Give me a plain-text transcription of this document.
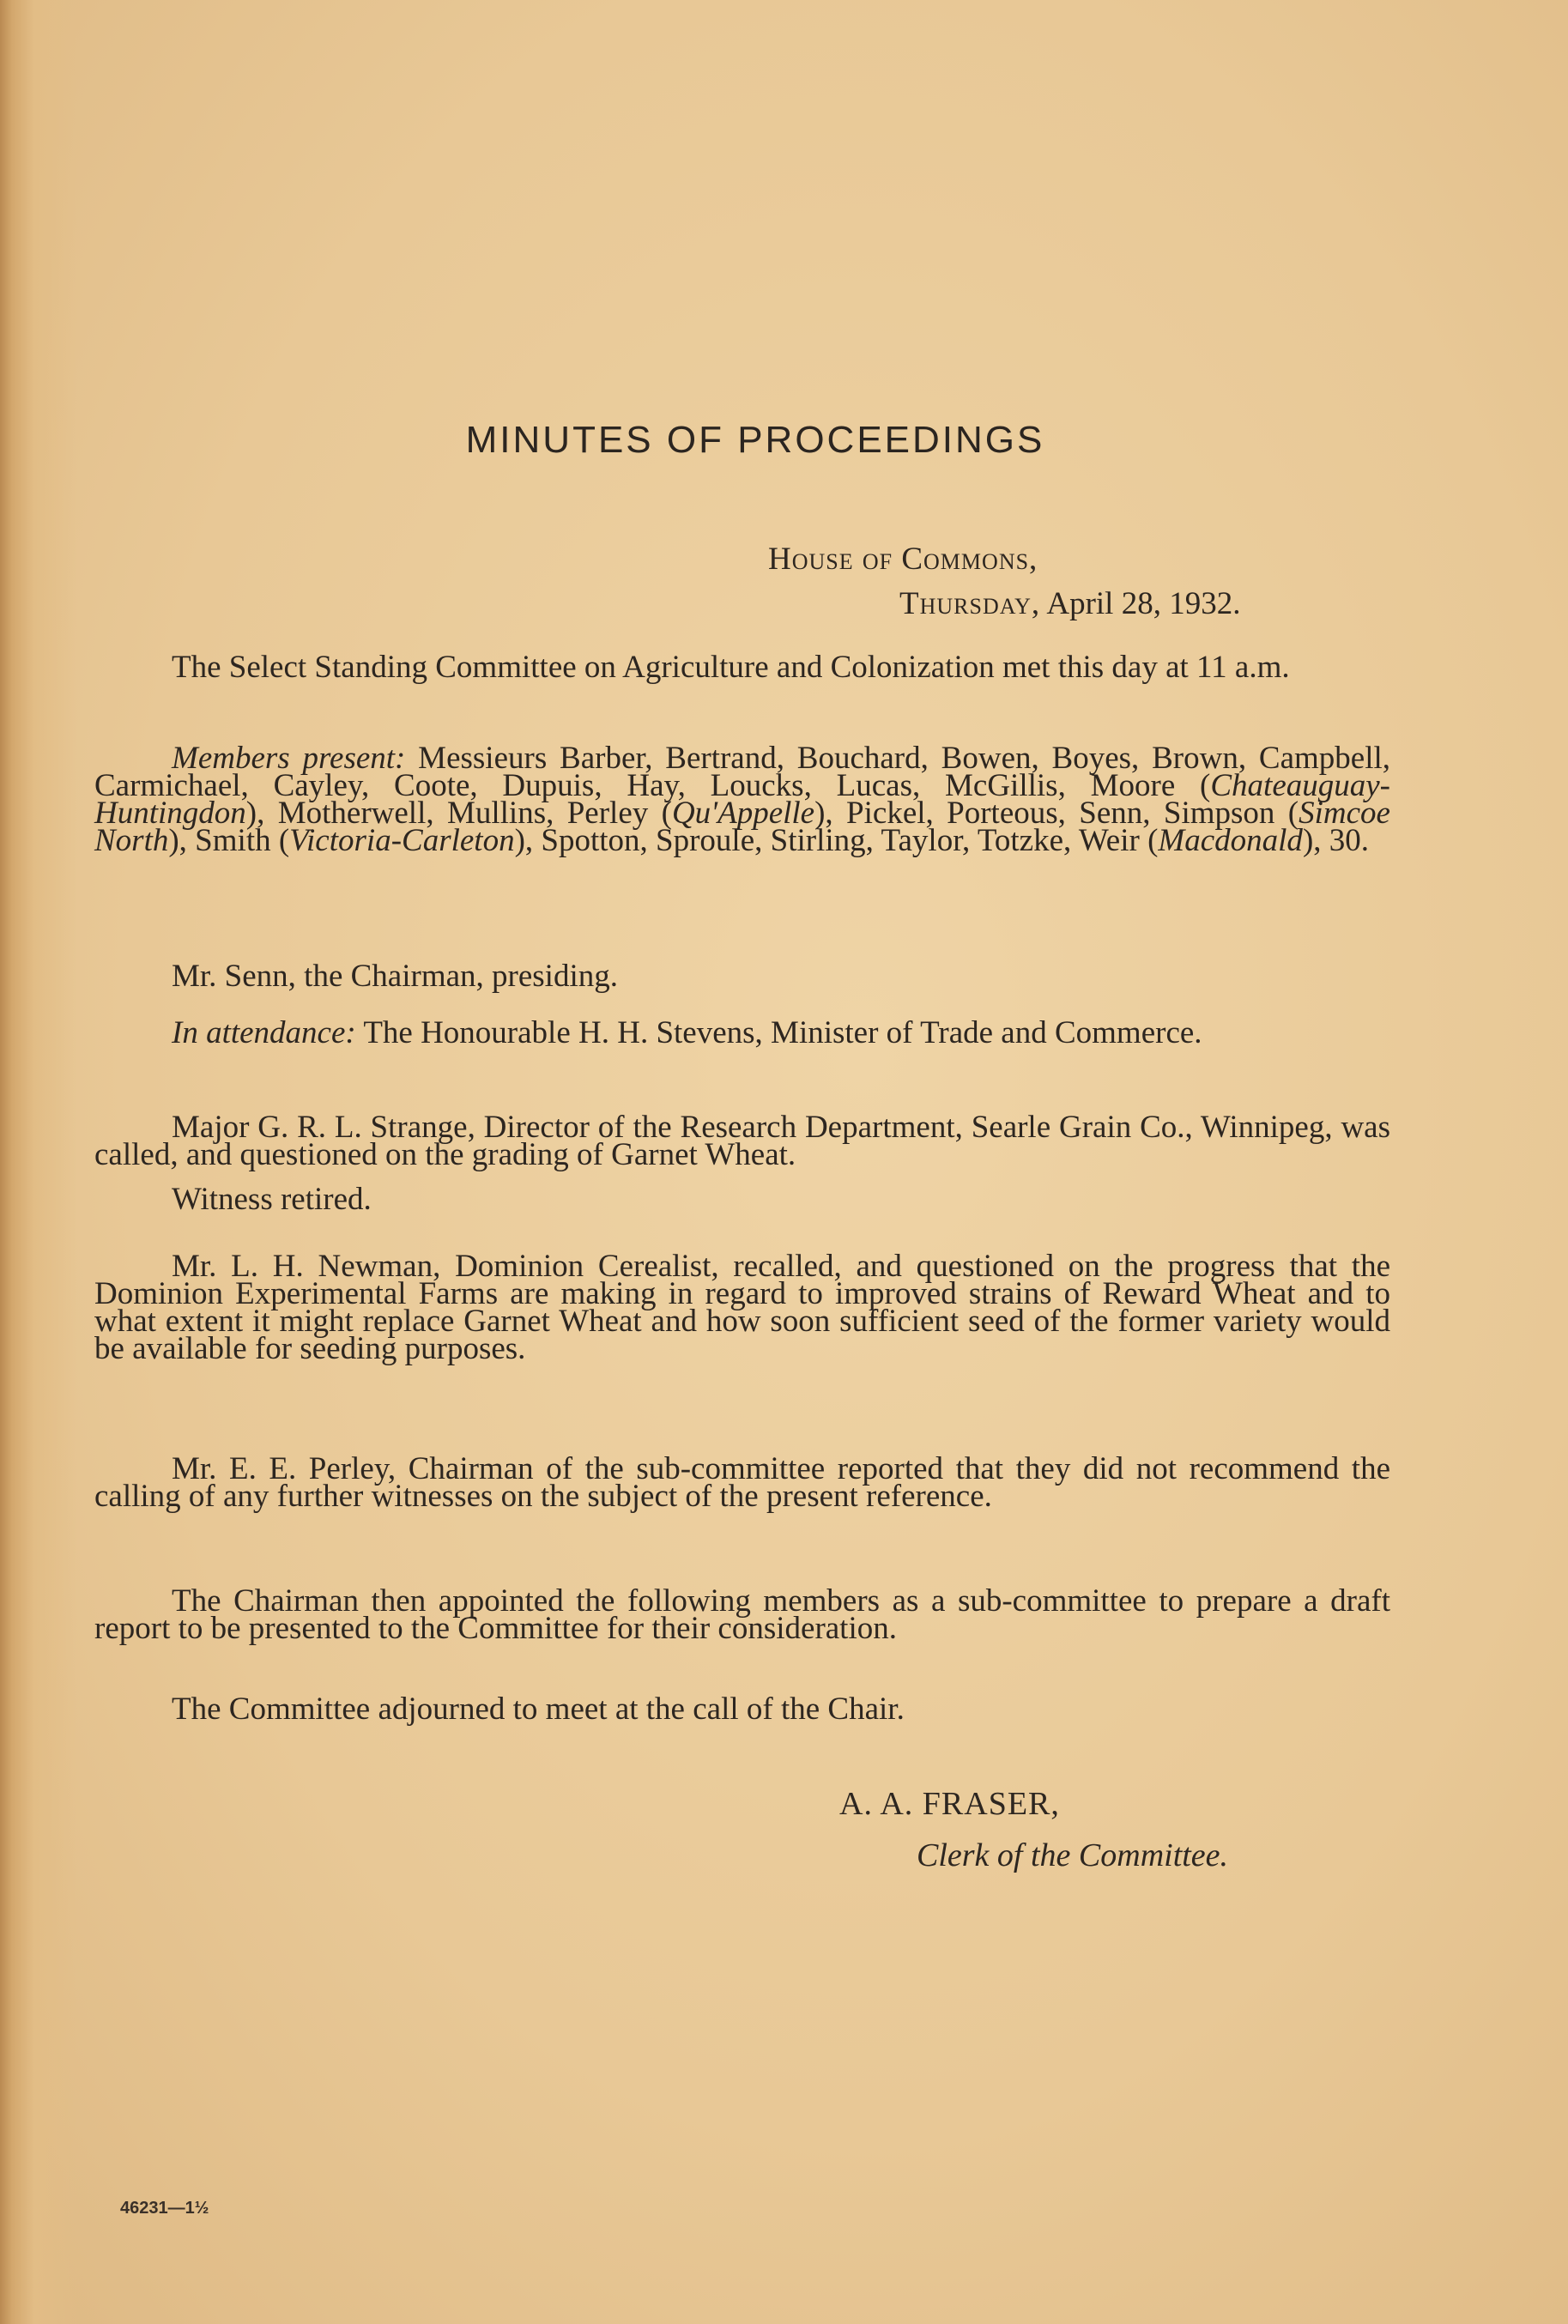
MINUTES OF PROCEEDINGS
House of Commons,
Thursday, April 28, 1932.
The Select Standing Committee on Agriculture and Colonization met this day at 11 a.m.
Members present: Messieurs Barber, Bertrand, Bouchard, Bowen, Boyes, Brown, Campbell, Carmichael, Cayley, Coote, Dupuis, Hay, Loucks, Lucas, McGillis, Moore (Chateauguay-Huntingdon), Motherwell, Mullins, Perley (Qu'Appelle), Pickel, Porteous, Senn, Simpson (Simcoe North), Smith (Victoria-Carleton), Spotton, Sproule, Stirling, Taylor, Totzke, Weir (Macdonald), 30.
Mr. Senn, the Chairman, presiding.
In attendance: The Honourable H. H. Stevens, Minister of Trade and Commerce.
Major G. R. L. Strange, Director of the Research Department, Searle Grain Co., Winnipeg, was called, and questioned on the grading of Garnet Wheat.
Witness retired.
Mr. L. H. Newman, Dominion Cerealist, recalled, and questioned on the progress that the Dominion Experimental Farms are making in regard to improved strains of Reward Wheat and to what extent it might replace Garnet Wheat and how soon sufficient seed of the former variety would be available for seeding purposes.
Mr. E. E. Perley, Chairman of the sub-committee reported that they did not recommend the calling of any further witnesses on the subject of the present reference.
The Chairman then appointed the following members as a sub-committee to prepare a draft report to be presented to the Committee for their consideration.
The Committee adjourned to meet at the call of the Chair.
A. A. FRASER,
Clerk of the Committee.
46231—1½
